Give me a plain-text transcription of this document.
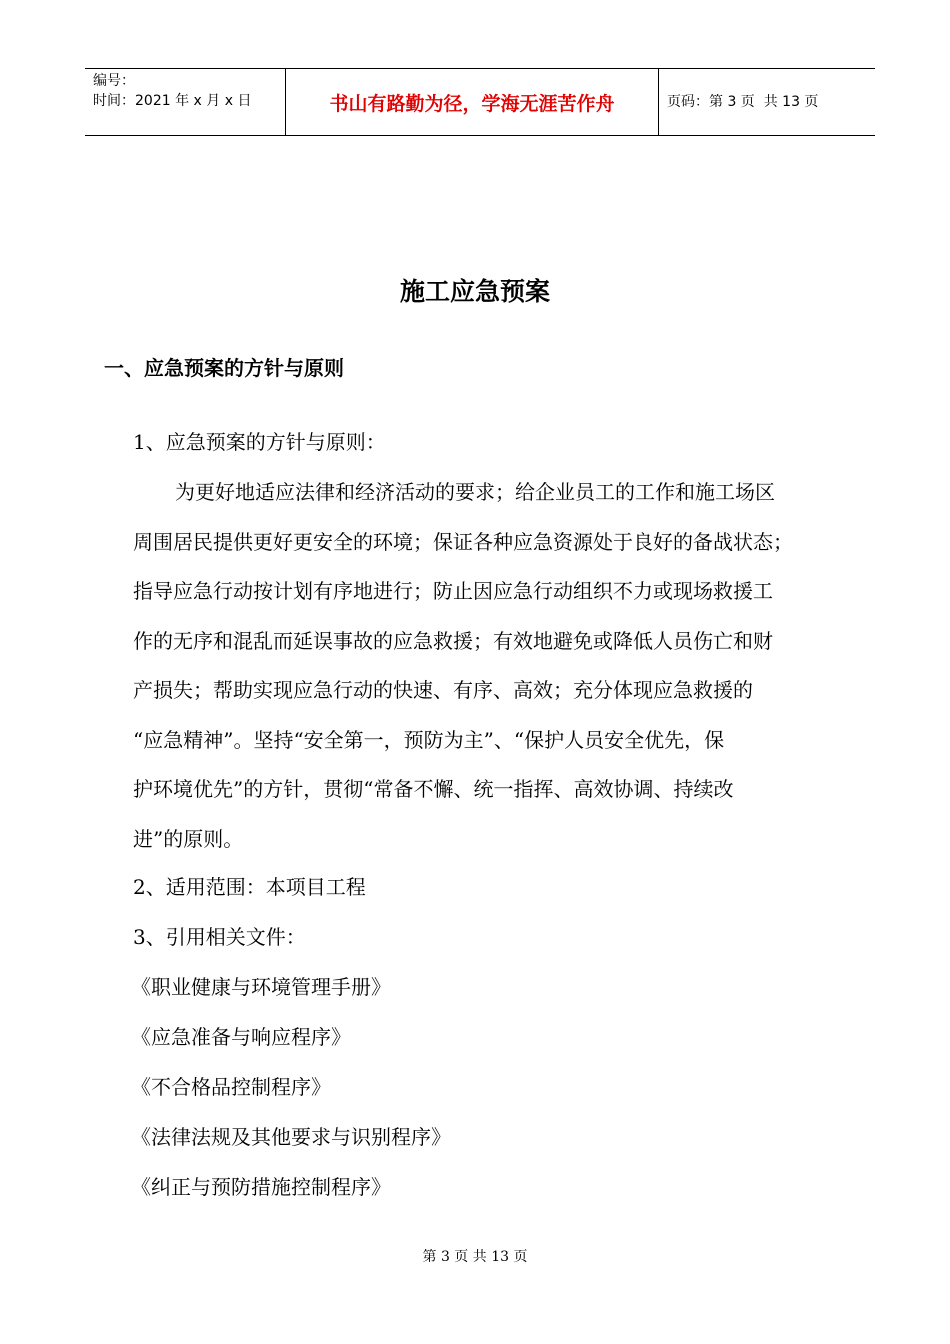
编号：
时间：2021 年 x 月 x 日	书山有路勤为径，学海无涯苦作舟	页码：第 3 页  共 13 页
施工应急预案
一、应急预案的方针与原则
1、应急预案的方针与原则：
为更好地适应法律和经济活动的要求；给企业员工的工作和施工场区
周围居民提供更好更安全的环境；保证各种应急资源处于良好的备战状态；
指导应急行动按计划有序地进行；防止因应急行动组织不力或现场救援工
作的无序和混乱而延误事故的应急救援；有效地避免或降低人员伤亡和财
产损失；帮助实现应急行动的快速、有序、高效；充分体现应急救援的
“应急精神”。坚持“安全第一，预防为主”、“保护人员安全优先，保
护环境优先”的方针，贯彻“常备不懈、统一指挥、高效协调、持续改
进”的原则。
2、适用范围：本项目工程
3、引用相关文件：
《职业健康与环境管理手册》
《应急准备与响应程序》
《不合格品控制程序》
《法律法规及其他要求与识别程序》
《纠正与预防措施控制程序》
第 3 页 共 13 页
